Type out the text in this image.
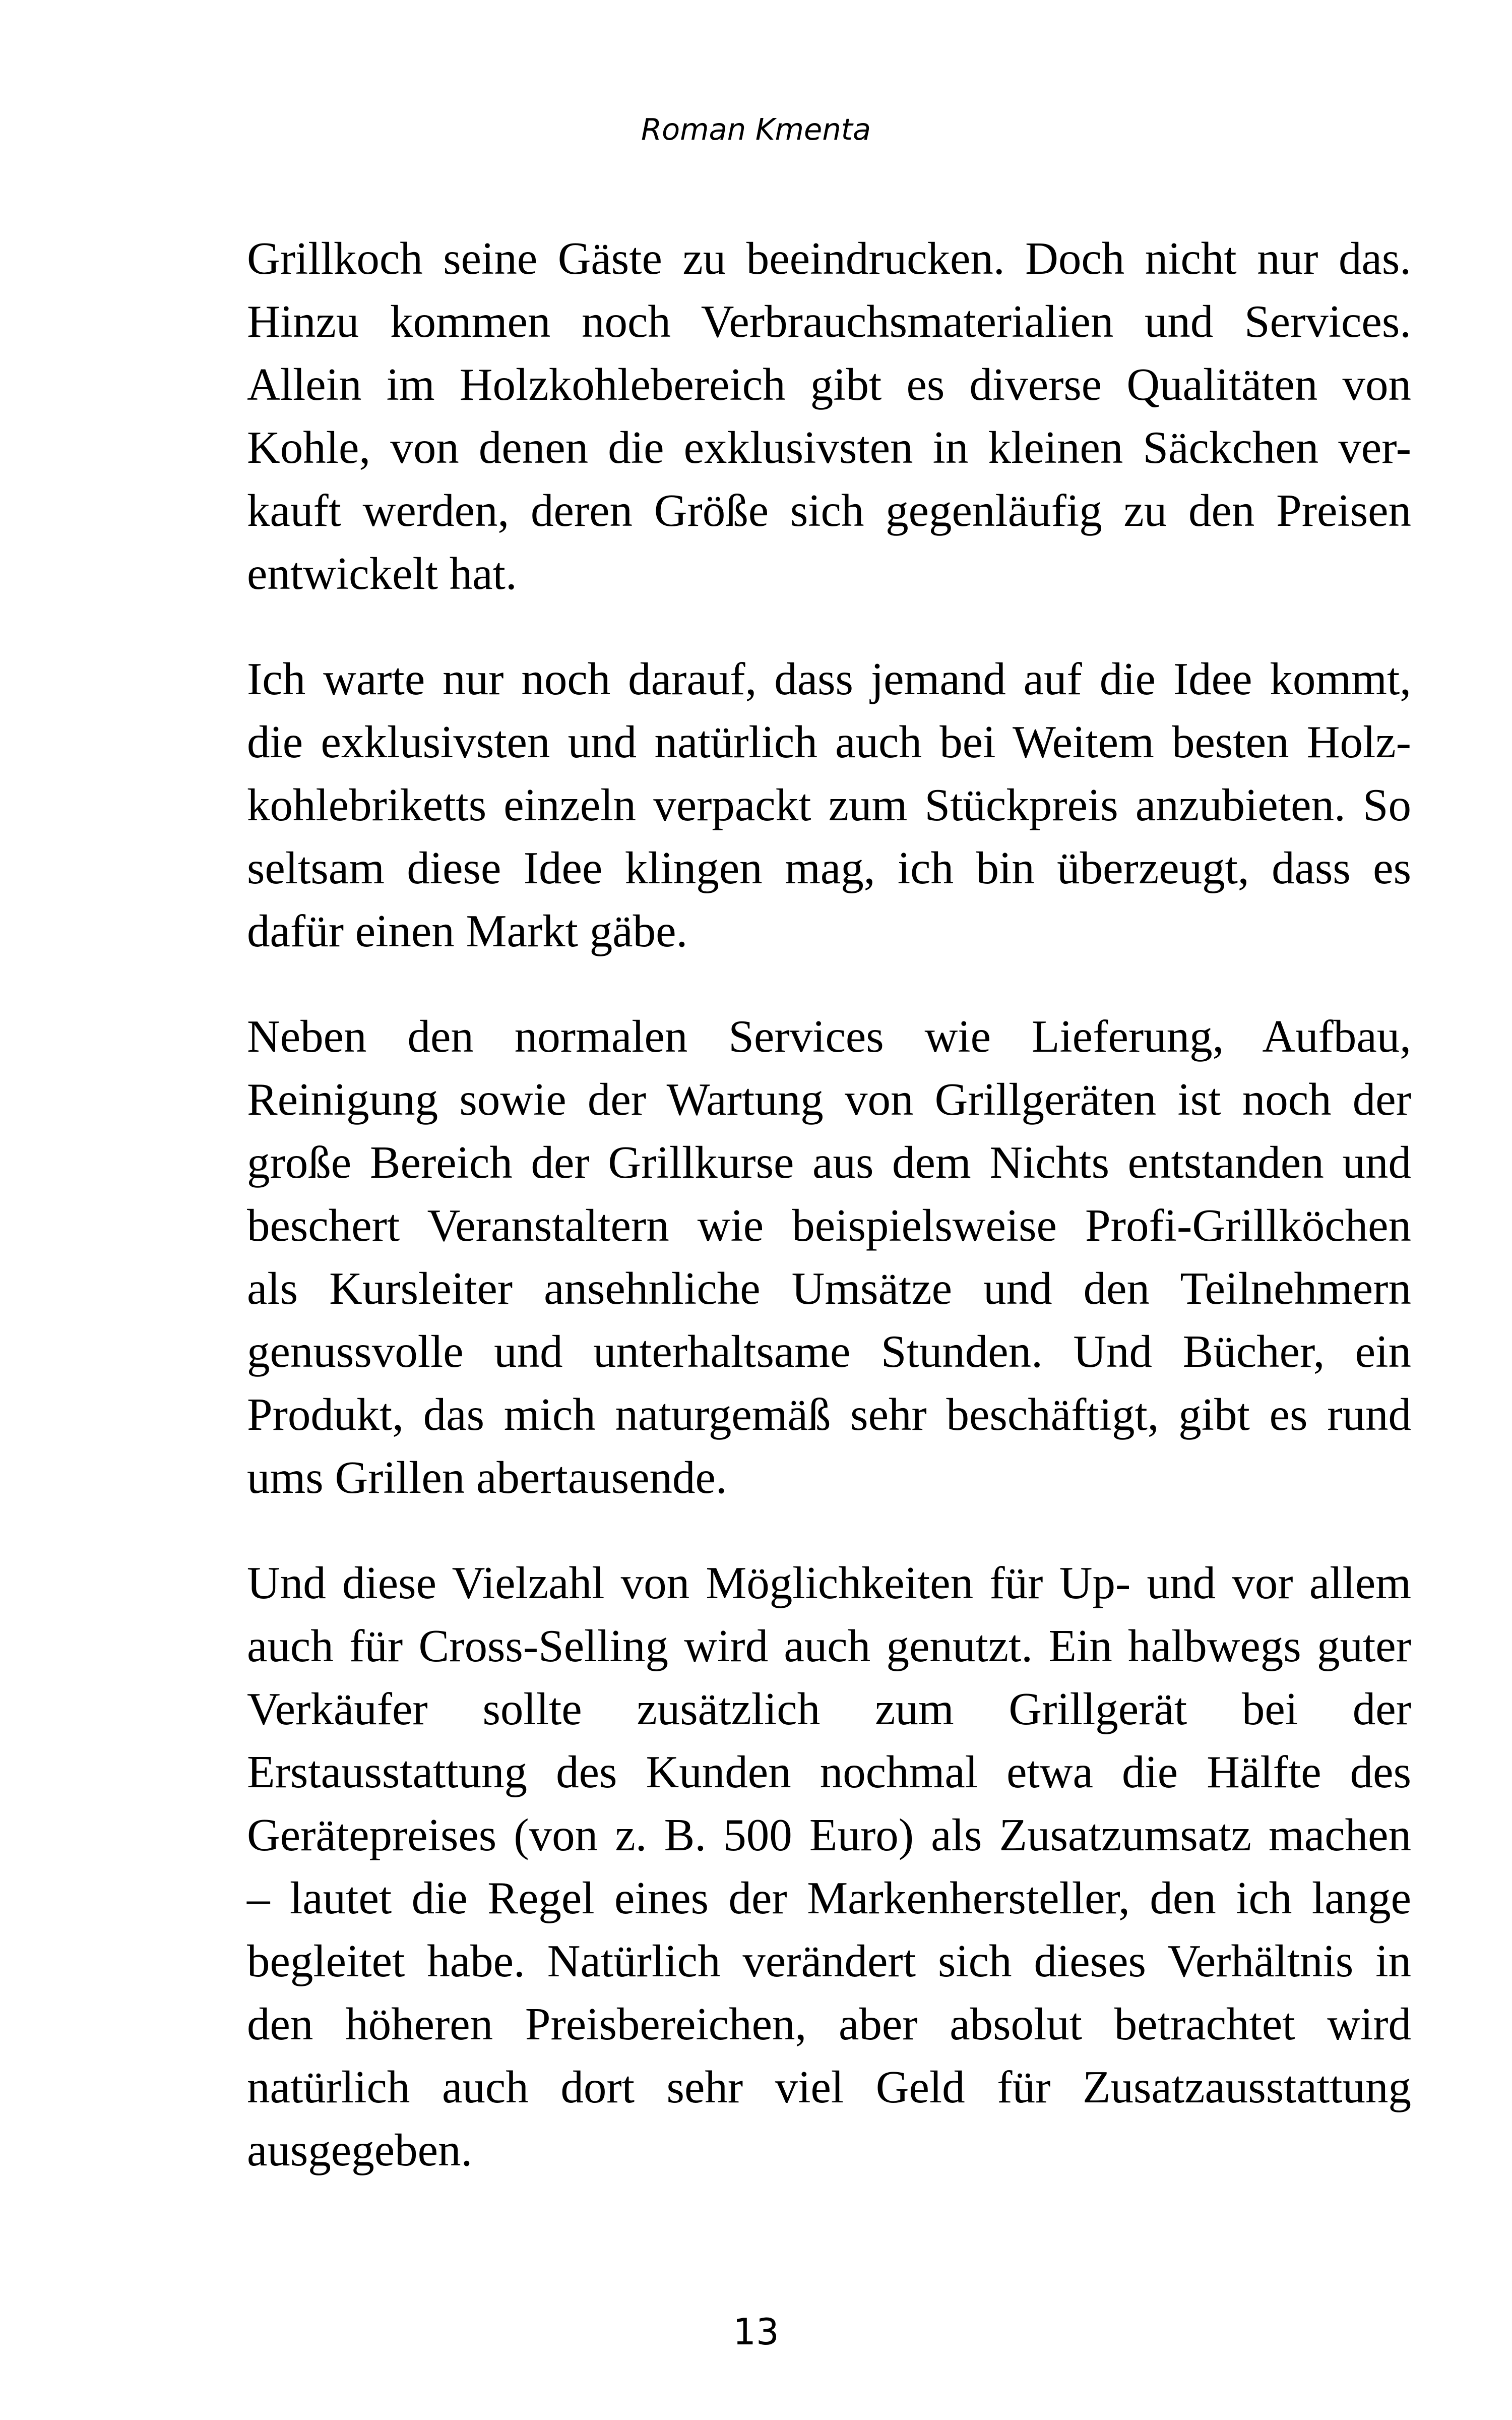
Roman Kmenta

Grillkoch seine Gäste zu beeindrucken. Doch nicht nur das.
Hinzu kommen noch Verbrauchsmaterialien und Services.
Allein im Holzkohlebereich gibt es diverse Qualitäten von
Kohle, von denen die exklusivsten in kleinen Säckchen ver-
kauft werden, deren Größe sich gegenläufig zu den Preisen
entwickelt hat.

Ich warte nur noch darauf, dass jemand auf die Idee kommt,
die exklusivsten und natürlich auch bei Weitem besten Holz-
kohlebriketts einzeln verpackt zum Stückpreis anzubieten. So
seltsam diese Idee klingen mag, ich bin überzeugt, dass es
dafür einen Markt gäbe.

Neben den normalen Services wie Lieferung, Aufbau,
Reinigung sowie der Wartung von Grillgeräten ist noch der
große Bereich der Grillkurse aus dem Nichts entstanden und
beschert Veranstaltern wie beispielsweise Profi-Grillköchen
als Kursleiter ansehnliche Umsätze und den Teilnehmern
genussvolle und unterhaltsame Stunden. Und Bücher, ein
Produkt, das mich naturgemäß sehr beschäftigt, gibt es rund
ums Grillen abertausende.

Und diese Vielzahl von Möglichkeiten für Up- und vor allem
auch für Cross-Selling wird auch genutzt. Ein halbwegs guter
Verkäufer sollte zusätzlich zum Grillgerät bei der
Erstausstattung des Kunden nochmal etwa die Hälfte des
Gerätepreises (von z. B. 500 Euro) als Zusatzumsatz machen
– lautet die Regel eines der Markenhersteller, den ich lange
begleitet habe. Natürlich verändert sich dieses Verhältnis in
den höheren Preisbereichen, aber absolut betrachtet wird
natürlich auch dort sehr viel Geld für Zusatzausstattung
ausgegeben.

13
